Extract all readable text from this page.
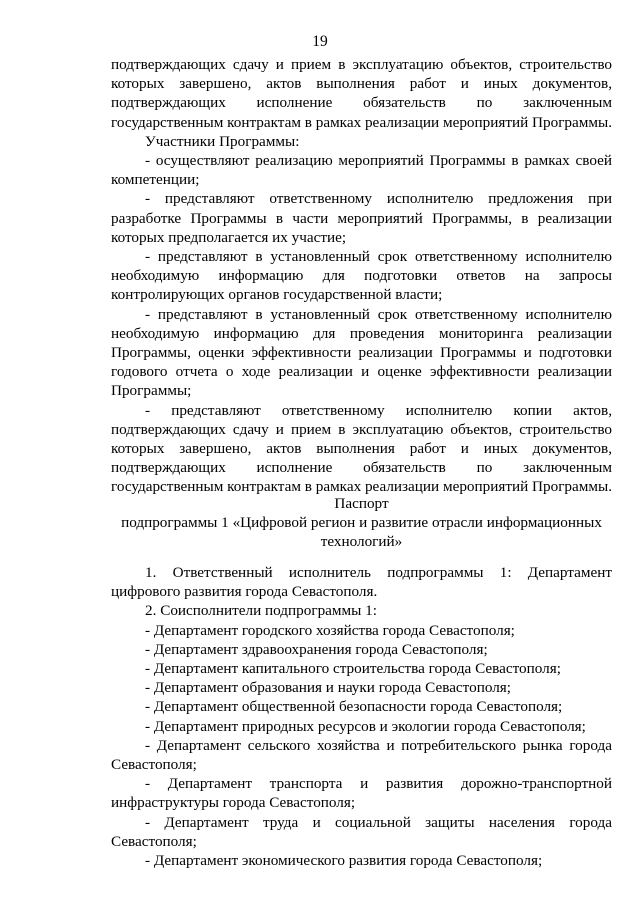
19

подтверждающих сдачу и прием в эксплуатацию объектов, строительство которых завершено, актов выполнения работ и иных документов, подтверждающих исполнение обязательств по заключенным государственным контрактам в рамках реализации мероприятий Программы.

Участники Программы:

- осуществляют реализацию мероприятий Программы в рамках своей компетенции;

- представляют ответственному исполнителю предложения при разработке Программы в части мероприятий Программы, в реализации которых предполагается их участие;

- представляют в установленный срок ответственному исполнителю необходимую информацию для подготовки ответов на запросы контролирующих органов государственной власти;

- представляют в установленный срок ответственному исполнителю необходимую информацию для проведения мониторинга реализации Программы, оценки эффективности реализации Программы и подготовки годового отчета о ходе реализации и оценке эффективности реализации Программы;

- представляют ответственному исполнителю копии актов, подтверждающих сдачу и прием в эксплуатацию объектов, строительство которых завершено, актов выполнения работ и иных документов, подтверждающих исполнение обязательств по заключенным государственным контрактам в рамках реализации мероприятий Программы.

Паспорт

подпрограммы 1 «Цифровой регион и развитие отрасли информационных технологий»

1. Ответственный исполнитель подпрограммы 1: Департамент цифрового развития города Севастополя.

2. Соисполнители подпрограммы 1:

- Департамент городского хозяйства города Севастополя;

- Департамент здравоохранения города Севастополя;

- Департамент капитального строительства города Севастополя;

- Департамент образования и науки города Севастополя;

- Департамент общественной безопасности города Севастополя;

- Департамент природных ресурсов и экологии города Севастополя;

- Департамент сельского хозяйства и потребительского рынка города Севастополя;

- Департамент транспорта и развития дорожно-транспортной инфраструктуры города Севастополя;

- Департамент труда и социальной защиты населения города Севастополя;

- Департамент экономического развития города Севастополя;
